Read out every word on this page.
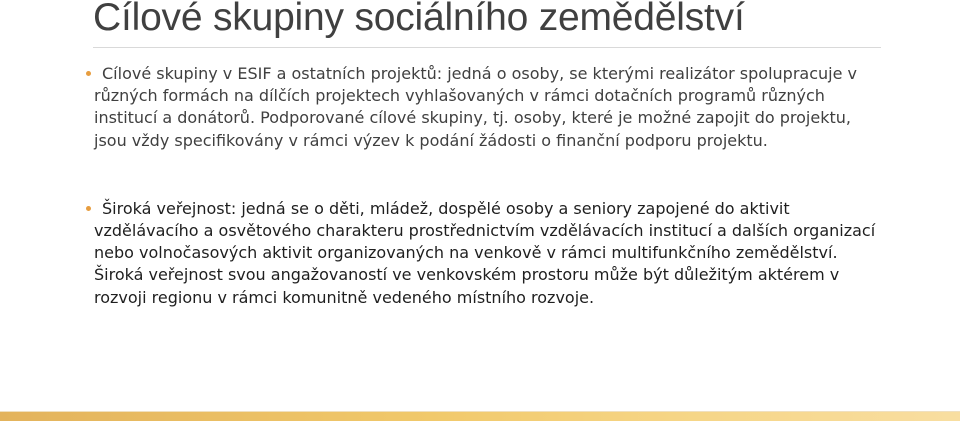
Cílové skupiny sociálního zemědělství
Cílové skupiny v ESIF a ostatních projektů: jedná o osoby, se kterými realizátor spolupracuje v
různých formách na dílčích projektech vyhlašovaných v rámci dotačních programů různých
institucí a donátorů. Podporované cílové skupiny, tj. osoby, které je možné zapojit do projektu,
jsou vždy specifikovány v rámci výzev k podání žádosti o finanční podporu projektu.
Široká veřejnost: jedná se o děti, mládež, dospělé osoby a seniory zapojené do aktivit
vzdělávacího a osvětového charakteru prostřednictvím vzdělávacích institucí a dalších organizací
nebo volnočasových aktivit organizovaných na venkově v rámci multifunkčního zemědělství.
Široká veřejnost svou angažovaností ve venkovském prostoru může být důležitým aktérem v
rozvoji regionu v rámci komunitně vedeného místního rozvoje.
